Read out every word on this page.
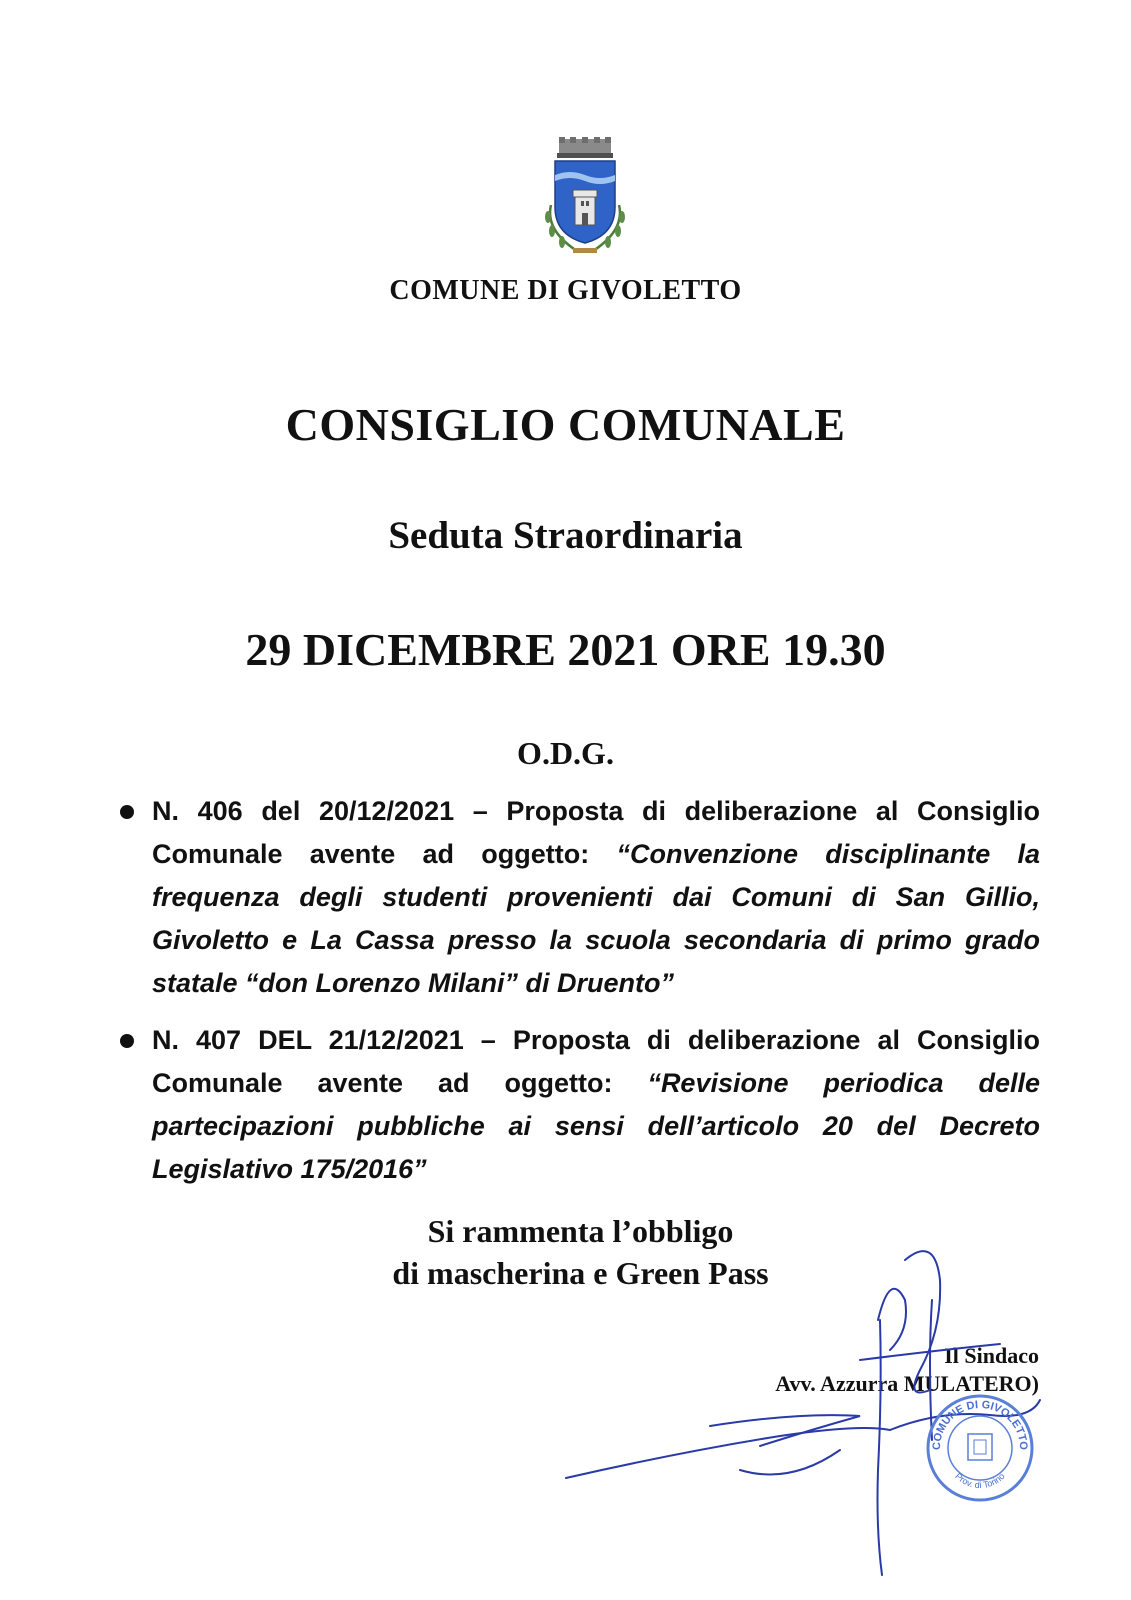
COMUNE DI GIVOLETTO
CONSIGLIO COMUNALE
Seduta Straordinaria
29 DICEMBRE 2021 ORE 19.30
O.D.G.
N. 406 del 20/12/2021 – Proposta di deliberazione al Consiglio Comunale avente ad oggetto: “Convenzione disciplinante la frequenza degli studenti provenienti dai Comuni di San Gillio, Givoletto e La Cassa presso la scuola secondaria di primo grado statale “don Lorenzo Milani” di Druento”
N. 407 DEL 21/12/2021 – Proposta di deliberazione al Consiglio Comunale avente ad oggetto: “Revisione periodica delle partecipazioni pubbliche ai sensi dell’articolo 20 del Decreto Legislativo 175/2016”
Si rammenta l’obbligo
di mascherina e Green Pass
Il Sindaco
Avv. Azzurra MULATERO)
COMUNE DI GIVOLETTO
Prov. di Torino
